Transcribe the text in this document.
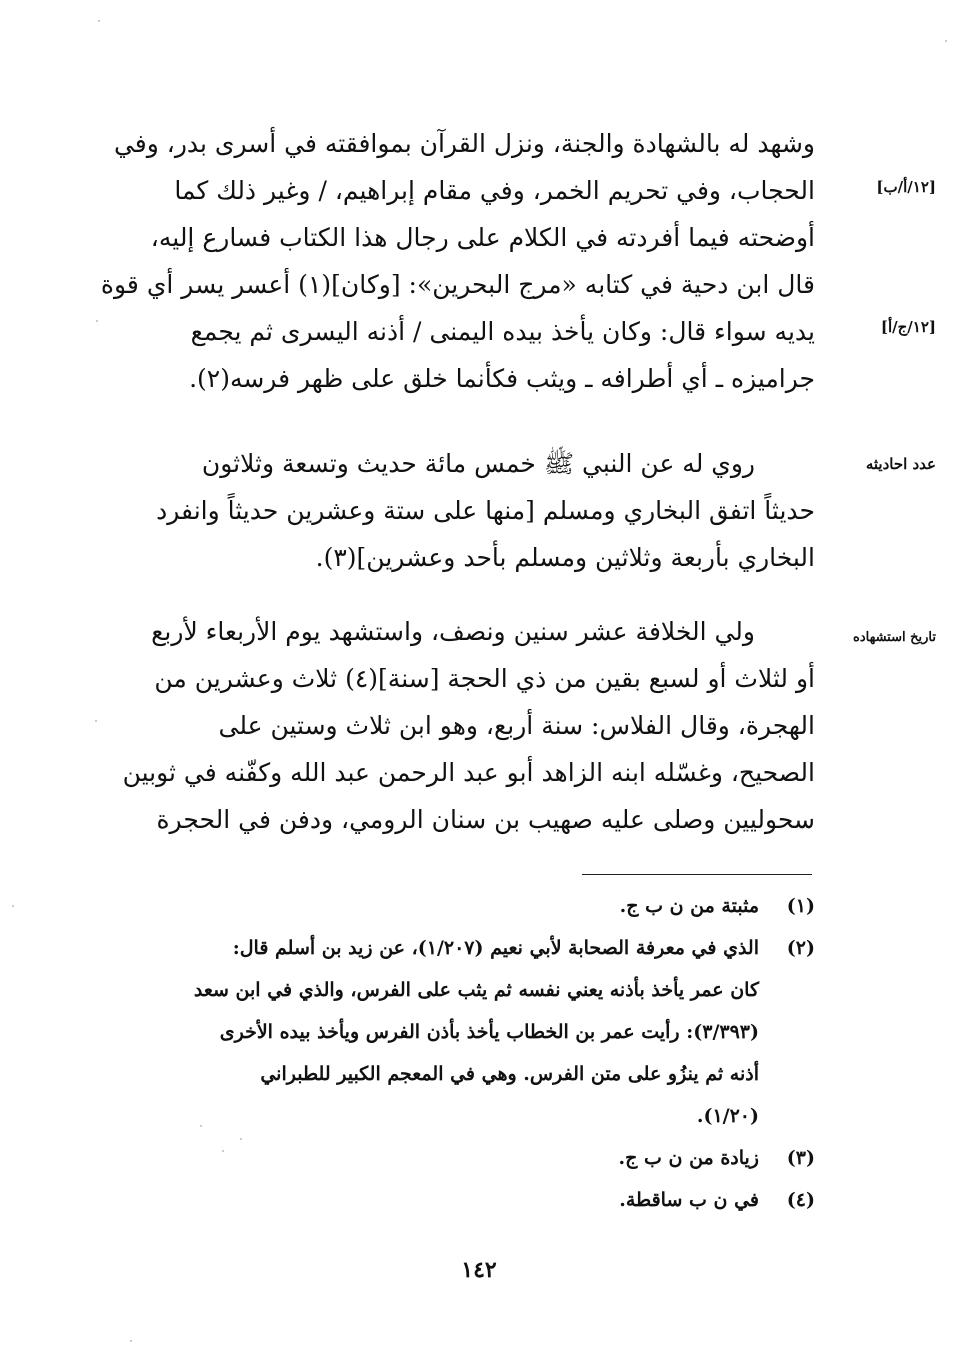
وشهد له بالشهادة والجنة، ونزل القرآن بموافقته في أسرى بدر، وفي
الحجاب، وفي تحريم الخمر، وفي مقام إبراهيم، / وغير ذلك كما
أوضحته فيما أفردته في الكلام على رجال هذا الكتاب فسارع إليه،
قال ابن دحية في كتابه «مرج البحرين»: [وكان](١) أعسر يسر أي قوة
يديه سواء قال: وكان يأخذ بيده اليمنى / أذنه اليسرى ثم يجمع
جراميزه ـ أي أطرافه ـ ويثب فكأنما خلق على ظهر فرسه(٢).
[١٢/أ/ب]
[١٢/ج/أ]
روي له عن النبي ﷺ خمس مائة حديث وتسعة وثلاثون
حديثاً اتفق البخاري ومسلم [منها على ستة وعشرين حديثاً وانفرد
البخاري بأربعة وثلاثين ومسلم بأحد وعشرين](٣).
عدد احاديثه
ولي الخلافة عشر سنين ونصف، واستشهد يوم الأربعاء لأربع
أو لثلاث أو لسبع بقين من ذي الحجة [سنة](٤) ثلاث وعشرين من
الهجرة، وقال الفلاس: سنة أربع، وهو ابن ثلاث وستين على
الصحيح، وغسّله ابنه الزاهد أبو عبد الرحمن عبد الله وكفّنه في ثوبين
سحوليين وصلى عليه صهيب بن سنان الرومي، ودفن في الحجرة
تاريخ استشهاده
(١)
مثبتة من ن ب ج.
(٢)
الذي في معرفة الصحابة لأبي نعيم (١/٢٠٧)، عن زيد بن أسلم قال:
كان عمر يأخذ بأذنه يعني نفسه ثم يثب على الفرس، والذي في ابن سعد
(٣/٣٩٣): رأيت عمر بن الخطاب يأخذ بأذن الفرس ويأخذ بيده الأخرى
أذنه ثم ينزُو على متن الفرس. وهي في المعجم الكبير للطبراني
(١/٢٠).
(٣)
زيادة من ن ب ج.
(٤)
في ن ب ساقطة.
١٤٢
